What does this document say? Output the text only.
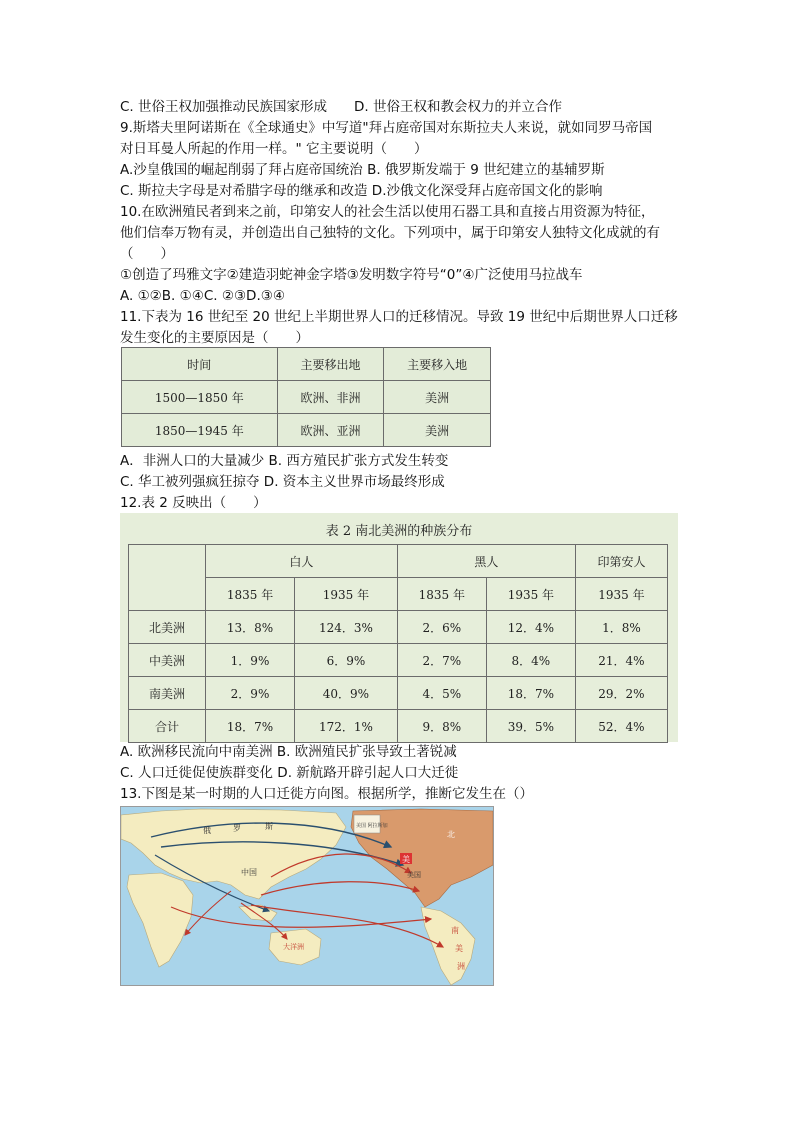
C. 世俗王权加强推动民族国家形成　　D. 世俗王权和教会权力的并立合作
9.斯塔夫里阿诺斯在《全球通史》中写道"拜占庭帝国对东斯拉夫人来说，就如同罗马帝国
对日耳曼人所起的作用一样。" 它主要说明（　　）
A.沙皇俄国的崛起削弱了拜占庭帝国统治 B. 俄罗斯发端于 9 世纪建立的基辅罗斯
C. 斯拉夫字母是对希腊字母的继承和改造 D.沙俄文化深受拜占庭帝国文化的影响
10.在欧洲殖民者到来之前，印第安人的社会生活以使用石器工具和直接占用资源为特征，
他们信奉万物有灵，并创造出自己独特的文化。下列项中，属于印第安人独特文化成就的有
（　　）
①创造了玛雅文字②建造羽蛇神金字塔③发明数字符号“0”④广泛使用马拉战车
A. ①②B. ①④C. ②③D.③④
11.下表为 16 世纪至 20 世纪上半期世界人口的迁移情况。导致 19 世纪中后期世界人口迁移
发生变化的主要原因是（　　）
时间	主要移出地	主要移入地
1500—1850 年	欧洲、非洲	美洲
1850—1945 年	欧洲、亚洲	美洲
A．非洲人口的大量减少 B. 西方殖民扩张方式发生转变
C. 华工被列强疯狂掠夺 D. 资本主义世界市场最终形成
12.表 2 反映出（　　）
表 2 南北美洲的种族分布
	白人		黑人		印第安人
	1835 年	1935 年	1835 年	1935 年	1935 年
北美洲	13．8%	124．3%	2．6%	12．4%	1．8%
中美洲	1．9%	6．9%	2．7%	8．4%	21．4%
南美洲	2．9%	40．9%	4．5%	18．7%	29．2%
合计	18．7%	172．1%	9．8%	39．5%	52．4%
A. 欧洲移民流向中南美洲 B. 欧洲殖民扩张导致土著锐减
C. 人口迁徙促使族群变化 D. 新航路开辟引起人口大迁徙
13.下图是某一时期的人口迁徙方向图。根据所学，推断它发生在（）
俄	罗	斯	美国 阿拉斯加
北
美
美国
中国
大洋洲
南
美
洲
